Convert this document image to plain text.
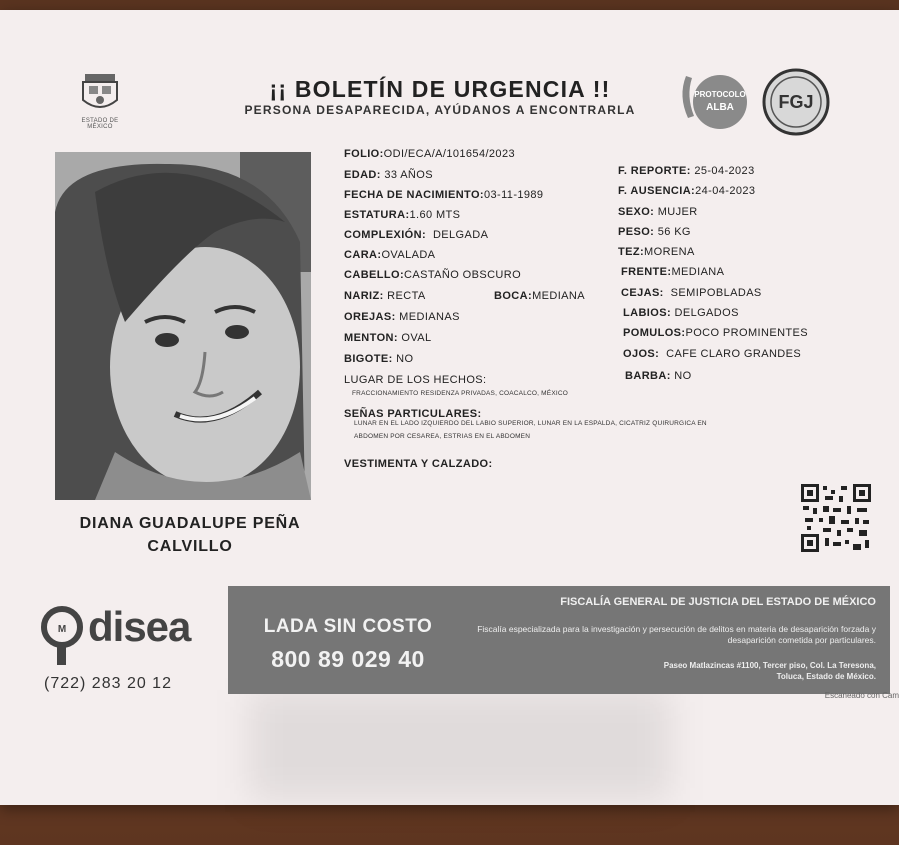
ESTADO DE MÉXICO
¡¡ BOLETÍN DE URGENCIA !!
PERSONA DESAPARECIDA, AYÚDANOS A ENCONTRARLA
PROTOCOLO
ALBA FGJ
DIANA GUADALUPE PEÑA CALVILLO
FOLIO:ODI/ECA/A/101654/2023
EDAD: 33 AÑOS
FECHA DE NACIMIENTO:03-11-1989
ESTATURA:1.60 MTS
COMPLEXIÓN: DELGADA
CARA:OVALADA
CABELLO:CASTAÑO OBSCURO
NARIZ: RECTA	BOCA:MEDIANA
OREJAS: MEDIANAS
MENTON: OVAL
BIGOTE: NO
LUGAR DE LOS HECHOS:
FRACCIONAMIENTO RESIDENZA PRIVADAS, COACALCO, MÉXICO
SEÑAS PARTICULARES:
LUNAR EN EL LADO IZQUIERDO DEL LABIO SUPERIOR, LUNAR EN LA ESPALDA, CICATRIZ QUIRURGICA EN
ABDOMEN POR CESAREA, ESTRIAS EN EL ABDOMEN
VESTIMENTA Y CALZADO:
F. REPORTE: 25-04-2023
F. AUSENCIA:24-04-2023
SEXO: MUJER
PESO: 56 KG
TEZ:MORENA
FRENTE:MEDIANA
CEJAS: SEMIPOBLADAS
LABIOS: DELGADOS
POMULOS:POCO PROMINENTES
OJOS: CAFE CLARO GRANDES
BARBA: NO
M disea
(722) 283 20 12
LADA SIN COSTO
800 89 029 40
FISCALÍA GENERAL DE JUSTICIA DEL ESTADO DE MÉXICO
Fiscalía especializada para la investigación y persecución de delitos en materia de desaparición forzada y desaparición cometida por particulares.
Paseo Matlazincas #1100, Tercer piso, Col. La Teresona,
Toluca, Estado de México.
Escaneado con Cam
